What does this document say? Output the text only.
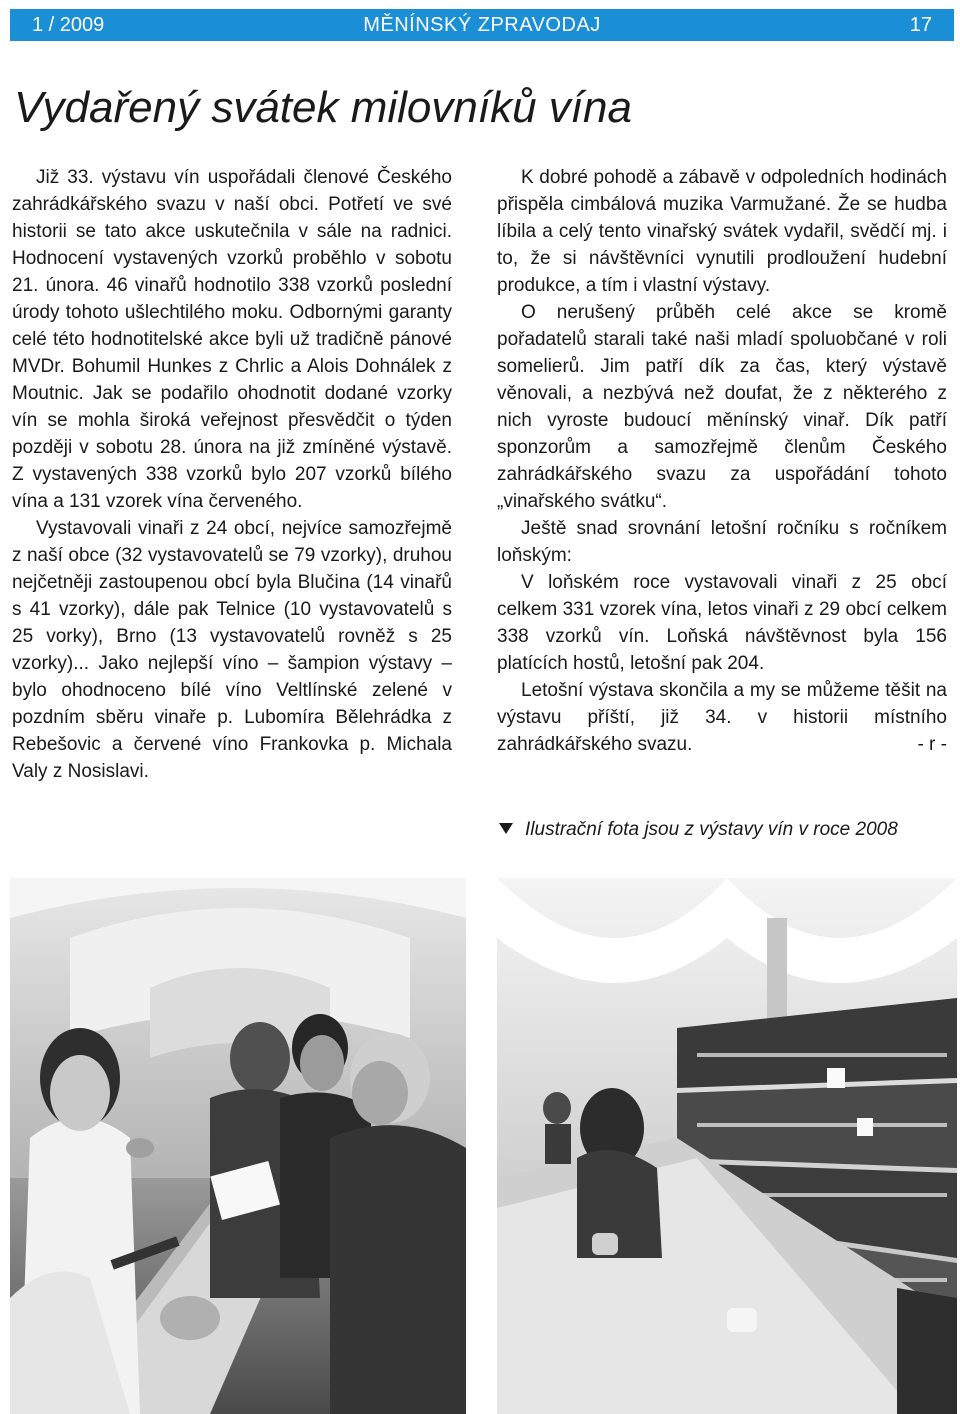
1 / 2009	MĚNÍNSKÝ ZPRAVODAJ	17
Vydařený svátek milovníků vína

Již 33. výstavu vín uspořádali členové Českého zahrádkářského svazu v naší obci. Potřetí ve své historii se tato akce uskutečnila v sále na radnici. Hodnocení vystavených vzorků proběhlo v sobotu 21. února. 46 vinařů hodnotilo 338 vzorků poslední úrody tohoto ušlechtilého moku. Odbornými garanty celé této hodnotitelské akce byli už tradičně pánové MVDr. Bohumil Hunkes z Chrlic a Alois Dohnálek z Moutnic. Jak se podařilo ohodnotit dodané vzorky vín se mohla široká veřejnost přesvědčit o týden později v sobotu 28. února na již zmíněné výstavě. Z vystavených 338 vzorků bylo 207 vzorků bílého vína a 131 vzorek vína červeného.

Vystavovali vinaři z 24 obcí, nejvíce samozřejmě z naší obce (32 vystavovatelů se 79 vzorky), druhou nejčetněji zastoupenou obcí byla Blučina (14 vinařů s 41 vzorky), dále pak Telnice (10 vystavovatelů s 25 vorky), Brno (13 vystavovatelů rovněž s 25 vzorky)... Jako nejlepší víno – šampion výstavy – bylo ohodnoceno bílé víno Veltlínské zelené v pozdním sběru vinaře p. Lubomíra Bělehrádka z Rebešovic a červené víno Frankovka p. Michala Valy z Nosislavi.

K dobré pohodě a zábavě v odpoledních hodinách přispěla cimbálová muzika Varmužané. Že se hudba líbila a celý tento vinařský svátek vydařil, svědčí mj. i to, že si návštěvníci vynutili prodloužení hudební produkce, a tím i vlastní výstavy.

O nerušený průběh celé akce se kromě pořadatelů starali také naši mladí spoluobčané v roli somelierů. Jim patří dík za čas, který výstavě věnovali, a nezbývá než doufat, že z některého z nich vyroste budoucí měnínský vinař. Dík patří sponzorům a samozřejmě členům Českého zahrádkářského svazu za uspořádání tohoto „vinařského svátku“.

Ještě snad srovnání letošní ročníku s ročníkem loňským:

V loňském roce vystavovali vinaři z 25 obcí celkem 331 vzorek vína, letos vinaři z 29 obcí celkem 338 vzorků vín. Loňská návštěvnost byla 156 platících hostů, letošní pak 204.

Letošní výstava skončila a my se můžeme těšit na výstavu příští, již 34. v historii místního zahrádkářského svazu.	- r -

Ilustrační fota jsou z výstavy vín v roce 2008
